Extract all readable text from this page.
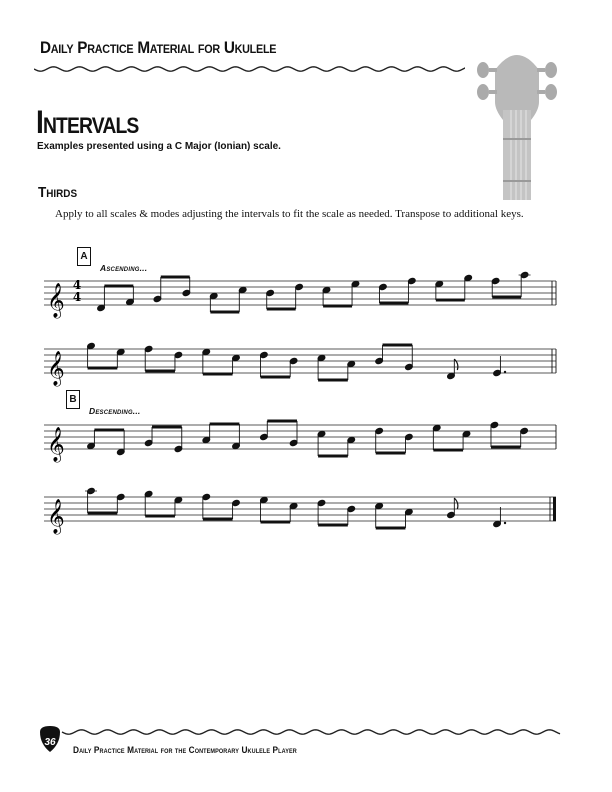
Daily Practice Material for Ukulele
Intervals
Examples presented using a C Major (Ionian) scale.
Thirds
Apply to all scales & modes adjusting the intervals to fit the scale as needed. Transpose to additional keys.
A
Ascending...
B
Descending...
𝄞
𝄞
𝄞
𝄞
4
4
36
Daily Practice Material for the Contemporary Ukulele Player
